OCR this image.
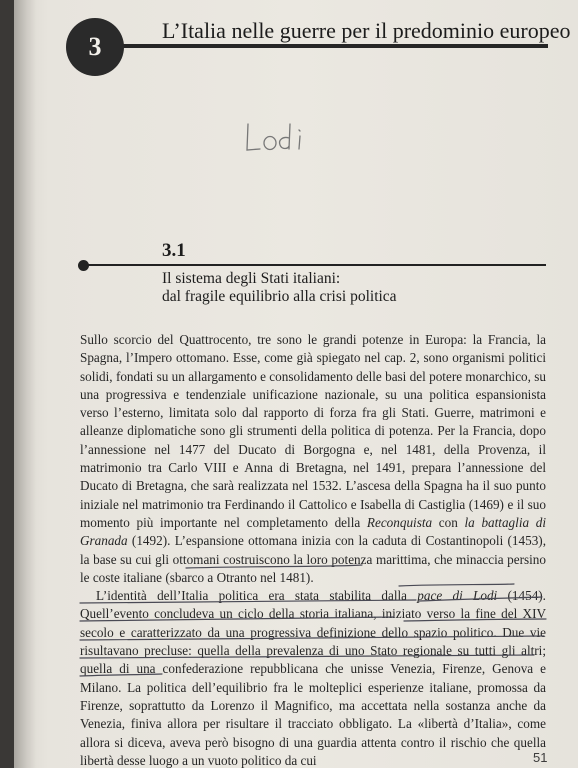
3
L’Italia nelle guerre per il predominio europeo
3.1
Il sistema degli Stati italiani:
dal fragile equilibrio alla crisi politica

Sullo scorcio del Quattrocento, tre sono le grandi potenze in Europa: la Francia, la Spagna, l’Impero ottomano. Esse, come già spiegato nel cap. 2, sono organismi politici solidi, fondati su un allargamento e consolidamento delle basi del potere monarchico, su una progressiva e tendenziale unificazione nazionale, su una politica espansionista verso l’esterno, limitata solo dal rapporto di forza fra gli Stati. Guerre, matrimoni e alleanze diplomatiche sono gli strumenti della politica di potenza. Per la Francia, dopo l’annessione nel 1477 del Ducato di Borgogna e, nel 1481, della Provenza, il matrimonio tra Carlo VIII e Anna di Bretagna, nel 1491, prepara l’annessione del Ducato di Bretagna, che sarà realizzata nel 1532. L’ascesa della Spagna ha il suo punto iniziale nel matrimonio tra Ferdinando il Cattolico e Isabella di Castiglia (1469) e il suo momento più importante nel completamento della Reconquista con la battaglia di Granada (1492). L’espansione ottomana inizia con la caduta di Costantinopoli (1453), la base su cui gli ottomani costruiscono la loro potenza marittima, che minaccia persino le coste italiane (sbarco a Otranto nel 1481).

L’identità dell’Italia politica era stata stabilita dalla pace di Lodi (1454). Quell’evento concludeva un ciclo della storia italiana, iniziato verso la fine del XIV secolo e caratterizzato da una progressiva definizione dello spazio politico. Due vie risultavano precluse: quella della prevalenza di uno Stato regionale su tutti gli altri; quella di una confederazione repubblicana che unisse Venezia, Firenze, Genova e Milano. La politica dell’equilibrio fra le molteplici esperienze italiane, promossa da Firenze, soprattutto da Lorenzo il Magnifico, ma accettata nella sostanza anche da Venezia, finiva allora per risultare il tracciato obbligato. La «libertà d’Italia», come allora si diceva, aveva però bisogno di una guardia attenta contro il rischio che quella libertà desse luogo a un vuoto politico da cui	51
